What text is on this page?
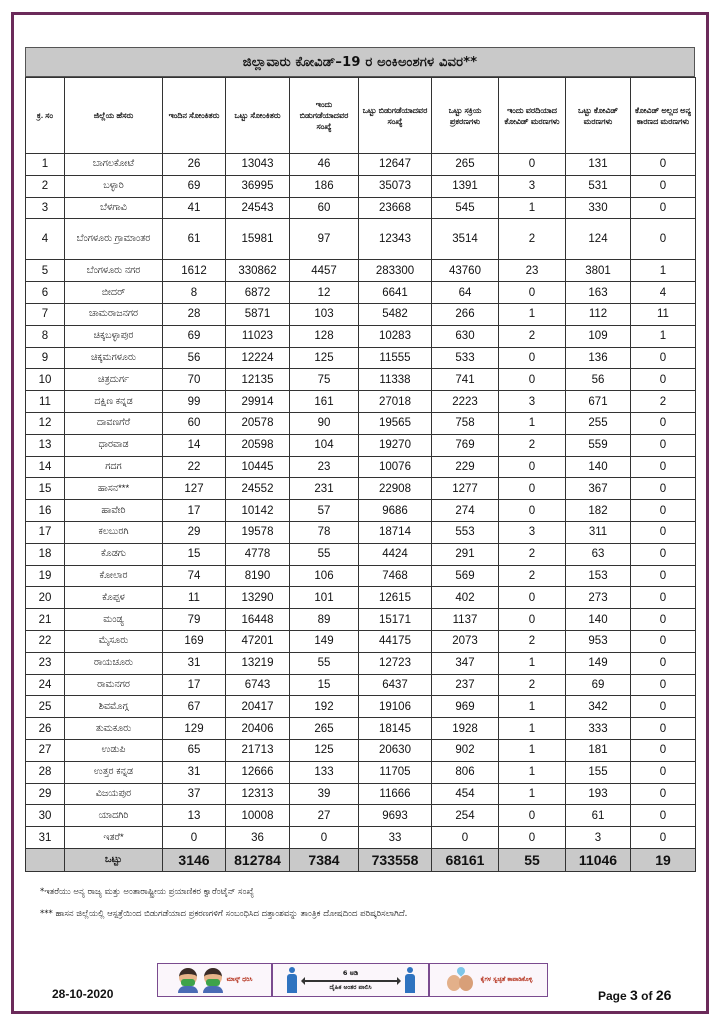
ಜಿಲ್ಲಾವಾರು ಕೋವಿಡ್–19 ರ ಅಂಕಿಅಂಶಗಳ ವಿವರ**
ಕ್ರ. ಸಂ	ಜಿಲ್ಲೆಯ ಹೆಸರು	ಇಂದಿನ ಸೋಂಕಿತರು	ಒಟ್ಟು ಸೋಂಕಿತರು	ಇಂದು ಬಿಡುಗಡೆಯಾದವರ ಸಂಖ್ಯೆ	ಒಟ್ಟು ಬಿಡುಗಡೆಯಾದವರ ಸಂಖ್ಯೆ	ಒಟ್ಟು ಸಕ್ರಿಯ ಪ್ರಕರಣಗಳು	ಇಂದು ವರದಿಯಾದ ಕೋವಿಡ್ ಮರಣಗಳು	ಒಟ್ಟು ಕೋವಿಡ್ ಮರಣಗಳು	ಕೋವಿಡ್ ಅಲ್ಲದ ಅನ್ಯ ಕಾರಣದ ಮರಣಗಳು
1	ಬಾಗಲಕೋಟೆ	26	13043	46	12647	265	0	131	0
2	ಬಳ್ಳಾರಿ	69	36995	186	35073	1391	3	531	0
3	ಬೆಳಗಾವಿ	41	24543	60	23668	545	1	330	0
4	ಬೆಂಗಳೂರು ಗ್ರಾಮಾಂತರ	61	15981	97	12343	3514	2	124	0
5	ಬೆಂಗಳೂರು ನಗರ	1612	330862	4457	283300	43760	23	3801	1
6	ಬೀದರ್	8	6872	12	6641	64	0	163	4
7	ಚಾಮರಾಜನಗರ	28	5871	103	5482	266	1	112	11
8	ಚಿಕ್ಕಬಳ್ಳಾಪುರ	69	11023	128	10283	630	2	109	1
9	ಚಿಕ್ಕಮಗಳೂರು	56	12224	125	11555	533	0	136	0
10	ಚಿತ್ರದುರ್ಗ	70	12135	75	11338	741	0	56	0
11	ದಕ್ಷಿಣ ಕನ್ನಡ	99	29914	161	27018	2223	3	671	2
12	ದಾವಣಗೆರೆ	60	20578	90	19565	758	1	255	0
13	ಧಾರವಾಡ	14	20598	104	19270	769	2	559	0
14	ಗದಗ	22	10445	23	10076	229	0	140	0
15	ಹಾಸನ***	127	24552	231	22908	1277	0	367	0
16	ಹಾವೇರಿ	17	10142	57	9686	274	0	182	0
17	ಕಲಬುರಗಿ	29	19578	78	18714	553	3	311	0
18	ಕೊಡಗು	15	4778	55	4424	291	2	63	0
19	ಕೋಲಾರ	74	8190	106	7468	569	2	153	0
20	ಕೊಪ್ಪಳ	11	13290	101	12615	402	0	273	0
21	ಮಂಡ್ಯ	79	16448	89	15171	1137	0	140	0
22	ಮೈಸೂರು	169	47201	149	44175	2073	2	953	0
23	ರಾಯಚೂರು	31	13219	55	12723	347	1	149	0
24	ರಾಮನಗರ	17	6743	15	6437	237	2	69	0
25	ಶಿವಮೊಗ್ಗ	67	20417	192	19106	969	1	342	0
26	ತುಮಕೂರು	129	20406	265	18145	1928	1	333	0
27	ಉಡುಪಿ	65	21713	125	20630	902	1	181	0
28	ಉತ್ತರ ಕನ್ನಡ	31	12666	133	11705	806	1	155	0
29	ವಿಜಯಪುರ	37	12313	39	11666	454	1	193	0
30	ಯಾದಗಿರಿ	13	10008	27	9693	254	0	61	0
31	ಇತರೆ*	0	36	0	33	0	0	3	0
	ಒಟ್ಟು	3146	812784	7384	733558	68161	55	11046	19

*ಇತರೆಯು ಅನ್ಯ ರಾಜ್ಯ ಮತ್ತು ಅಂತಾರಾಷ್ಟ್ರೀಯ ಪ್ರಯಾಣಿಕರ ಕ್ವಾರೆಂಟೈನ್ ಸಂಖ್ಯೆ

*** ಹಾಸನ ಜಿಲ್ಲೆಯಲ್ಲಿ ಆಸ್ಪತ್ರೆಯಿಂದ ಬಿಡುಗಡೆಯಾದ ಪ್ರಕರಣಗಳಿಗೆ ಸಂಬಂಧಿಸಿದ ದತ್ತಾಂಶವನ್ನು ತಾಂತ್ರಿಕ ದೋಷದಿಂದ ಪರಿಷ್ಕರಿಸಲಾಗಿದೆ.

ಮಾಸ್ಕ್ ಧರಿಸಿ
6 ಅಡಿ
ದೈಹಿಕ ಅಂತರ ಪಾಲಿಸಿ
ಕೈಗಳ ಸ್ವಚ್ಛತೆ ಕಾಪಾಡಿಕೊಳ್ಳಿ
28-10-2020	Page 3 of 26
